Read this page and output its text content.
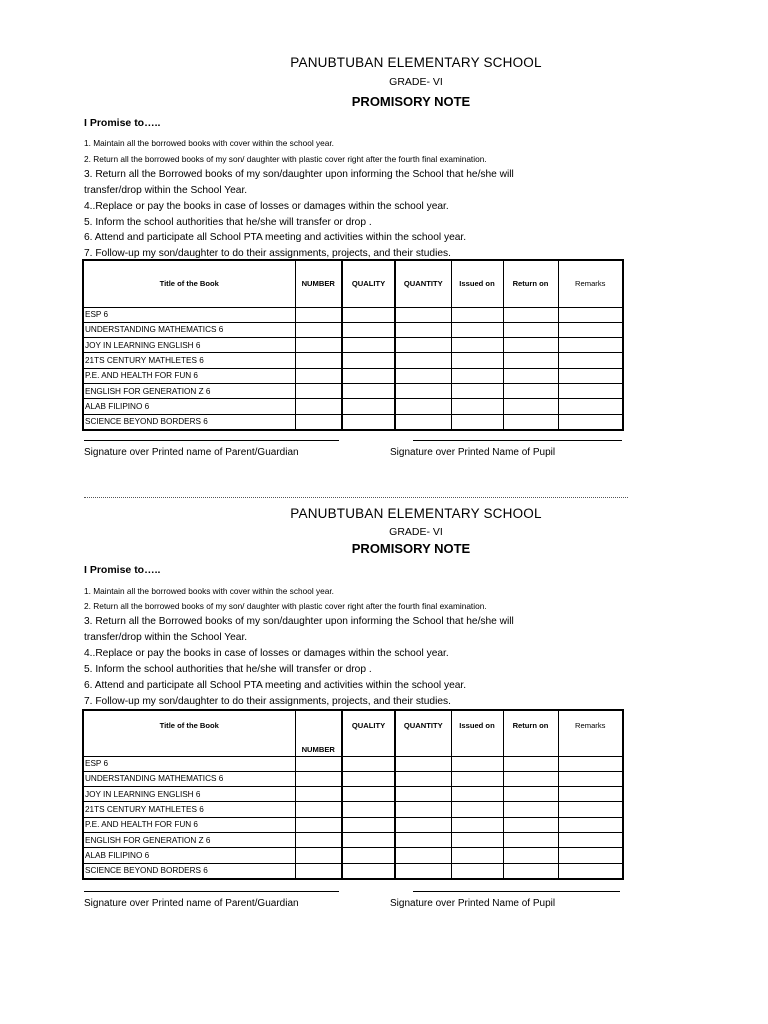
PANUBTUBAN ELEMENTARY SCHOOL
GRADE- VI
PROMISORY NOTE
I Promise to…..
1. Maintain all the borrowed books with cover within the school year.
2. Return all the borrowed books of my son/ daughter with plastic cover right after the fourth final examination.
3. Return all the Borrowed books of my son/daughter upon informing the School that he/she will
transfer/drop within the School Year.
4..Replace or pay the books in case of losses or damages within the school year.
5. Inform the school authorities that he/she will transfer or drop .
6. Attend and participate all School PTA meeting and activities within the school year.
7. Follow-up my son/daughter to do their assignments, projects, and their studies.
Title of the Book	NUMBER	QUALITY	QUANTITY	Issued on	Return on	Remarks
ESP 6						
UNDERSTANDING MATHEMATICS 6						
JOY IN LEARNING ENGLISH 6						
21TS CENTURY MATHLETES 6						
P.E. AND HEALTH FOR FUN 6						
ENGLISH FOR GENERATION Z 6						
ALAB FILIPINO 6						
SCIENCE BEYOND BORDERS 6						
Signature over Printed name of Parent/Guardian	Signature over Printed Name of Pupil
PANUBTUBAN ELEMENTARY SCHOOL
GRADE- VI
PROMISORY NOTE
I Promise to…..
1. Maintain all the borrowed books with cover within the school year.
2. Return all the borrowed books of my son/ daughter with plastic cover right after the fourth final examination.
3. Return all the Borrowed books of my son/daughter upon informing the School that he/she will
transfer/drop within the School Year.
4..Replace or pay the books in case of losses or damages within the school year.
5. Inform the school authorities that he/she will transfer or drop .
6. Attend and participate all School PTA meeting and activities within the school year.
7. Follow-up my son/daughter to do their assignments, projects, and their studies.
Title of the Book	NUMBER	QUALITY	QUANTITY	Issued on	Return on	Remarks
ESP 6						
UNDERSTANDING MATHEMATICS 6						
JOY IN LEARNING ENGLISH 6						
21TS CENTURY MATHLETES 6						
P.E. AND HEALTH FOR FUN 6						
ENGLISH FOR GENERATION Z 6						
ALAB FILIPINO 6						
SCIENCE BEYOND BORDERS 6						
Signature over Printed name of Parent/Guardian	Signature over Printed Name of Pupil
